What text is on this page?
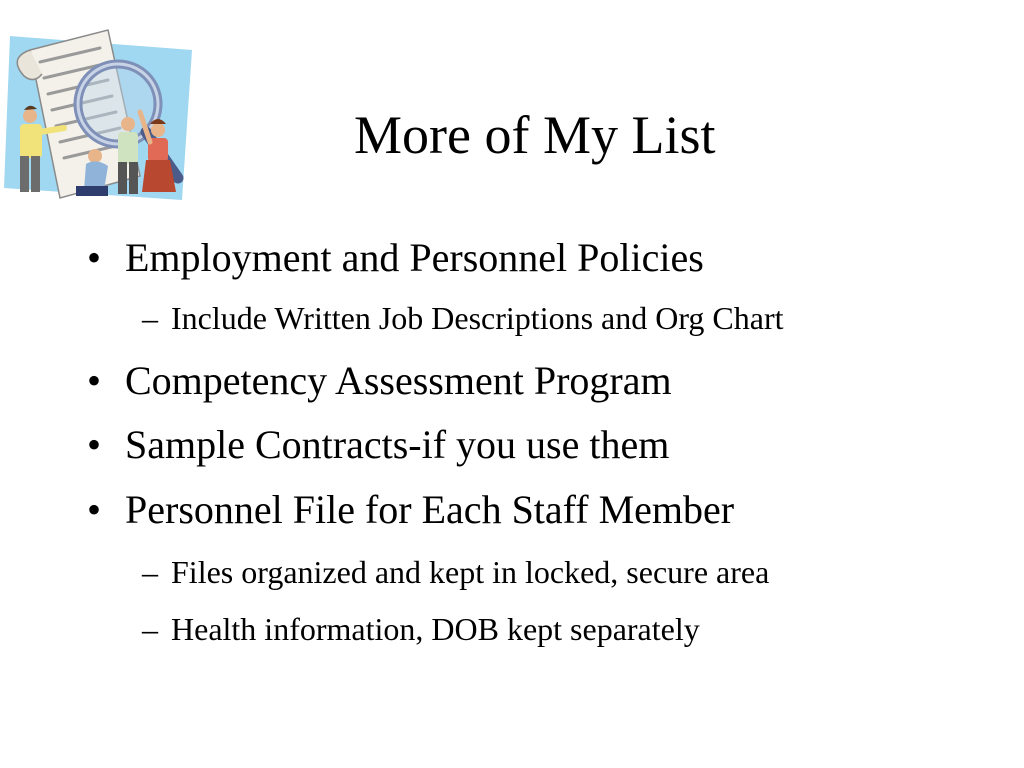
More of My List
• Employment and Personnel Policies
– Include Written Job Descriptions and Org Chart
• Competency Assessment Program
• Sample Contracts-if you use them
• Personnel File for Each Staff Member
– Files organized and kept in locked, secure area
– Health information, DOB kept separately
